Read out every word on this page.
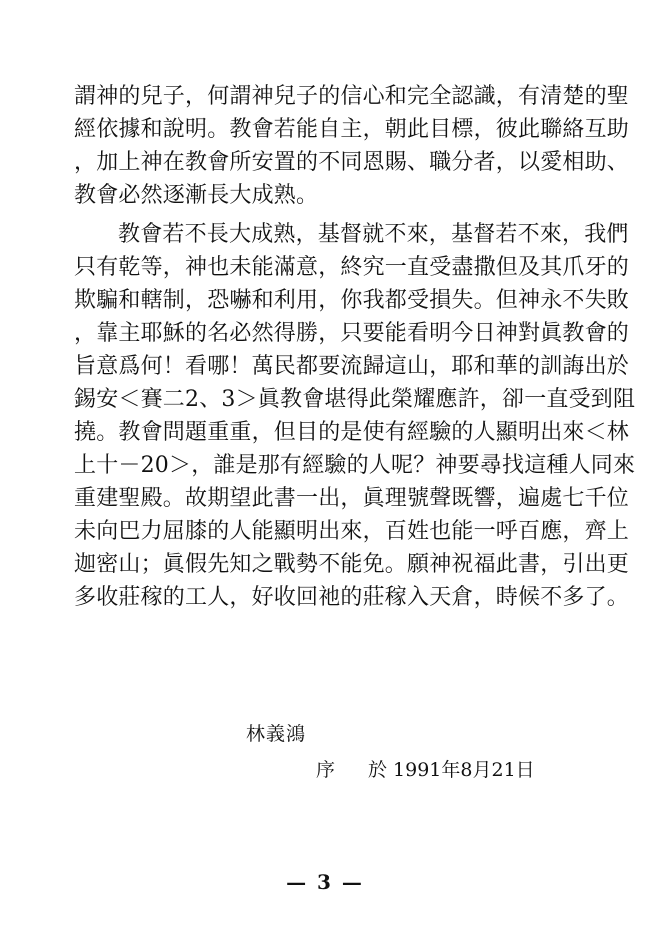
謂神的兒子，何謂神兒子的信心和完全認識，有清楚的聖
經依據和說明。教會若能自主，朝此目標，彼此聯絡互助
，加上神在教會所安置的不同恩賜、職分者，以愛相助、
教會必然逐漸長大成熟。
教會若不長大成熟，基督就不來，基督若不來，我們
只有乾等，神也未能滿意，終究一直受盡撒但及其爪牙的
欺騙和轄制，恐嚇和利用，你我都受損失。但神永不失敗
，靠主耶穌的名必然得勝，只要能看明今日神對眞教會的
旨意爲何！看哪！萬民都要流歸這山，耶和華的訓誨出於
錫安＜賽二2、3＞眞教會堪得此榮耀應許，卻一直受到阻
撓。教會問題重重，但目的是使有經驗的人顯明出來＜林
上十－20＞，誰是那有經驗的人呢？神要尋找這種人同來
重建聖殿。故期望此書一出，眞理號聲既響，遍處七千位
未向巴力屈膝的人能顯明出來，百姓也能一呼百應，齊上
迦密山；眞假先知之戰勢不能免。願神祝福此書，引出更
多收莊稼的工人，好收回祂的莊稼入天倉，時候不多了。
林義鴻
序 於 1991年8月21日
— 3 —
